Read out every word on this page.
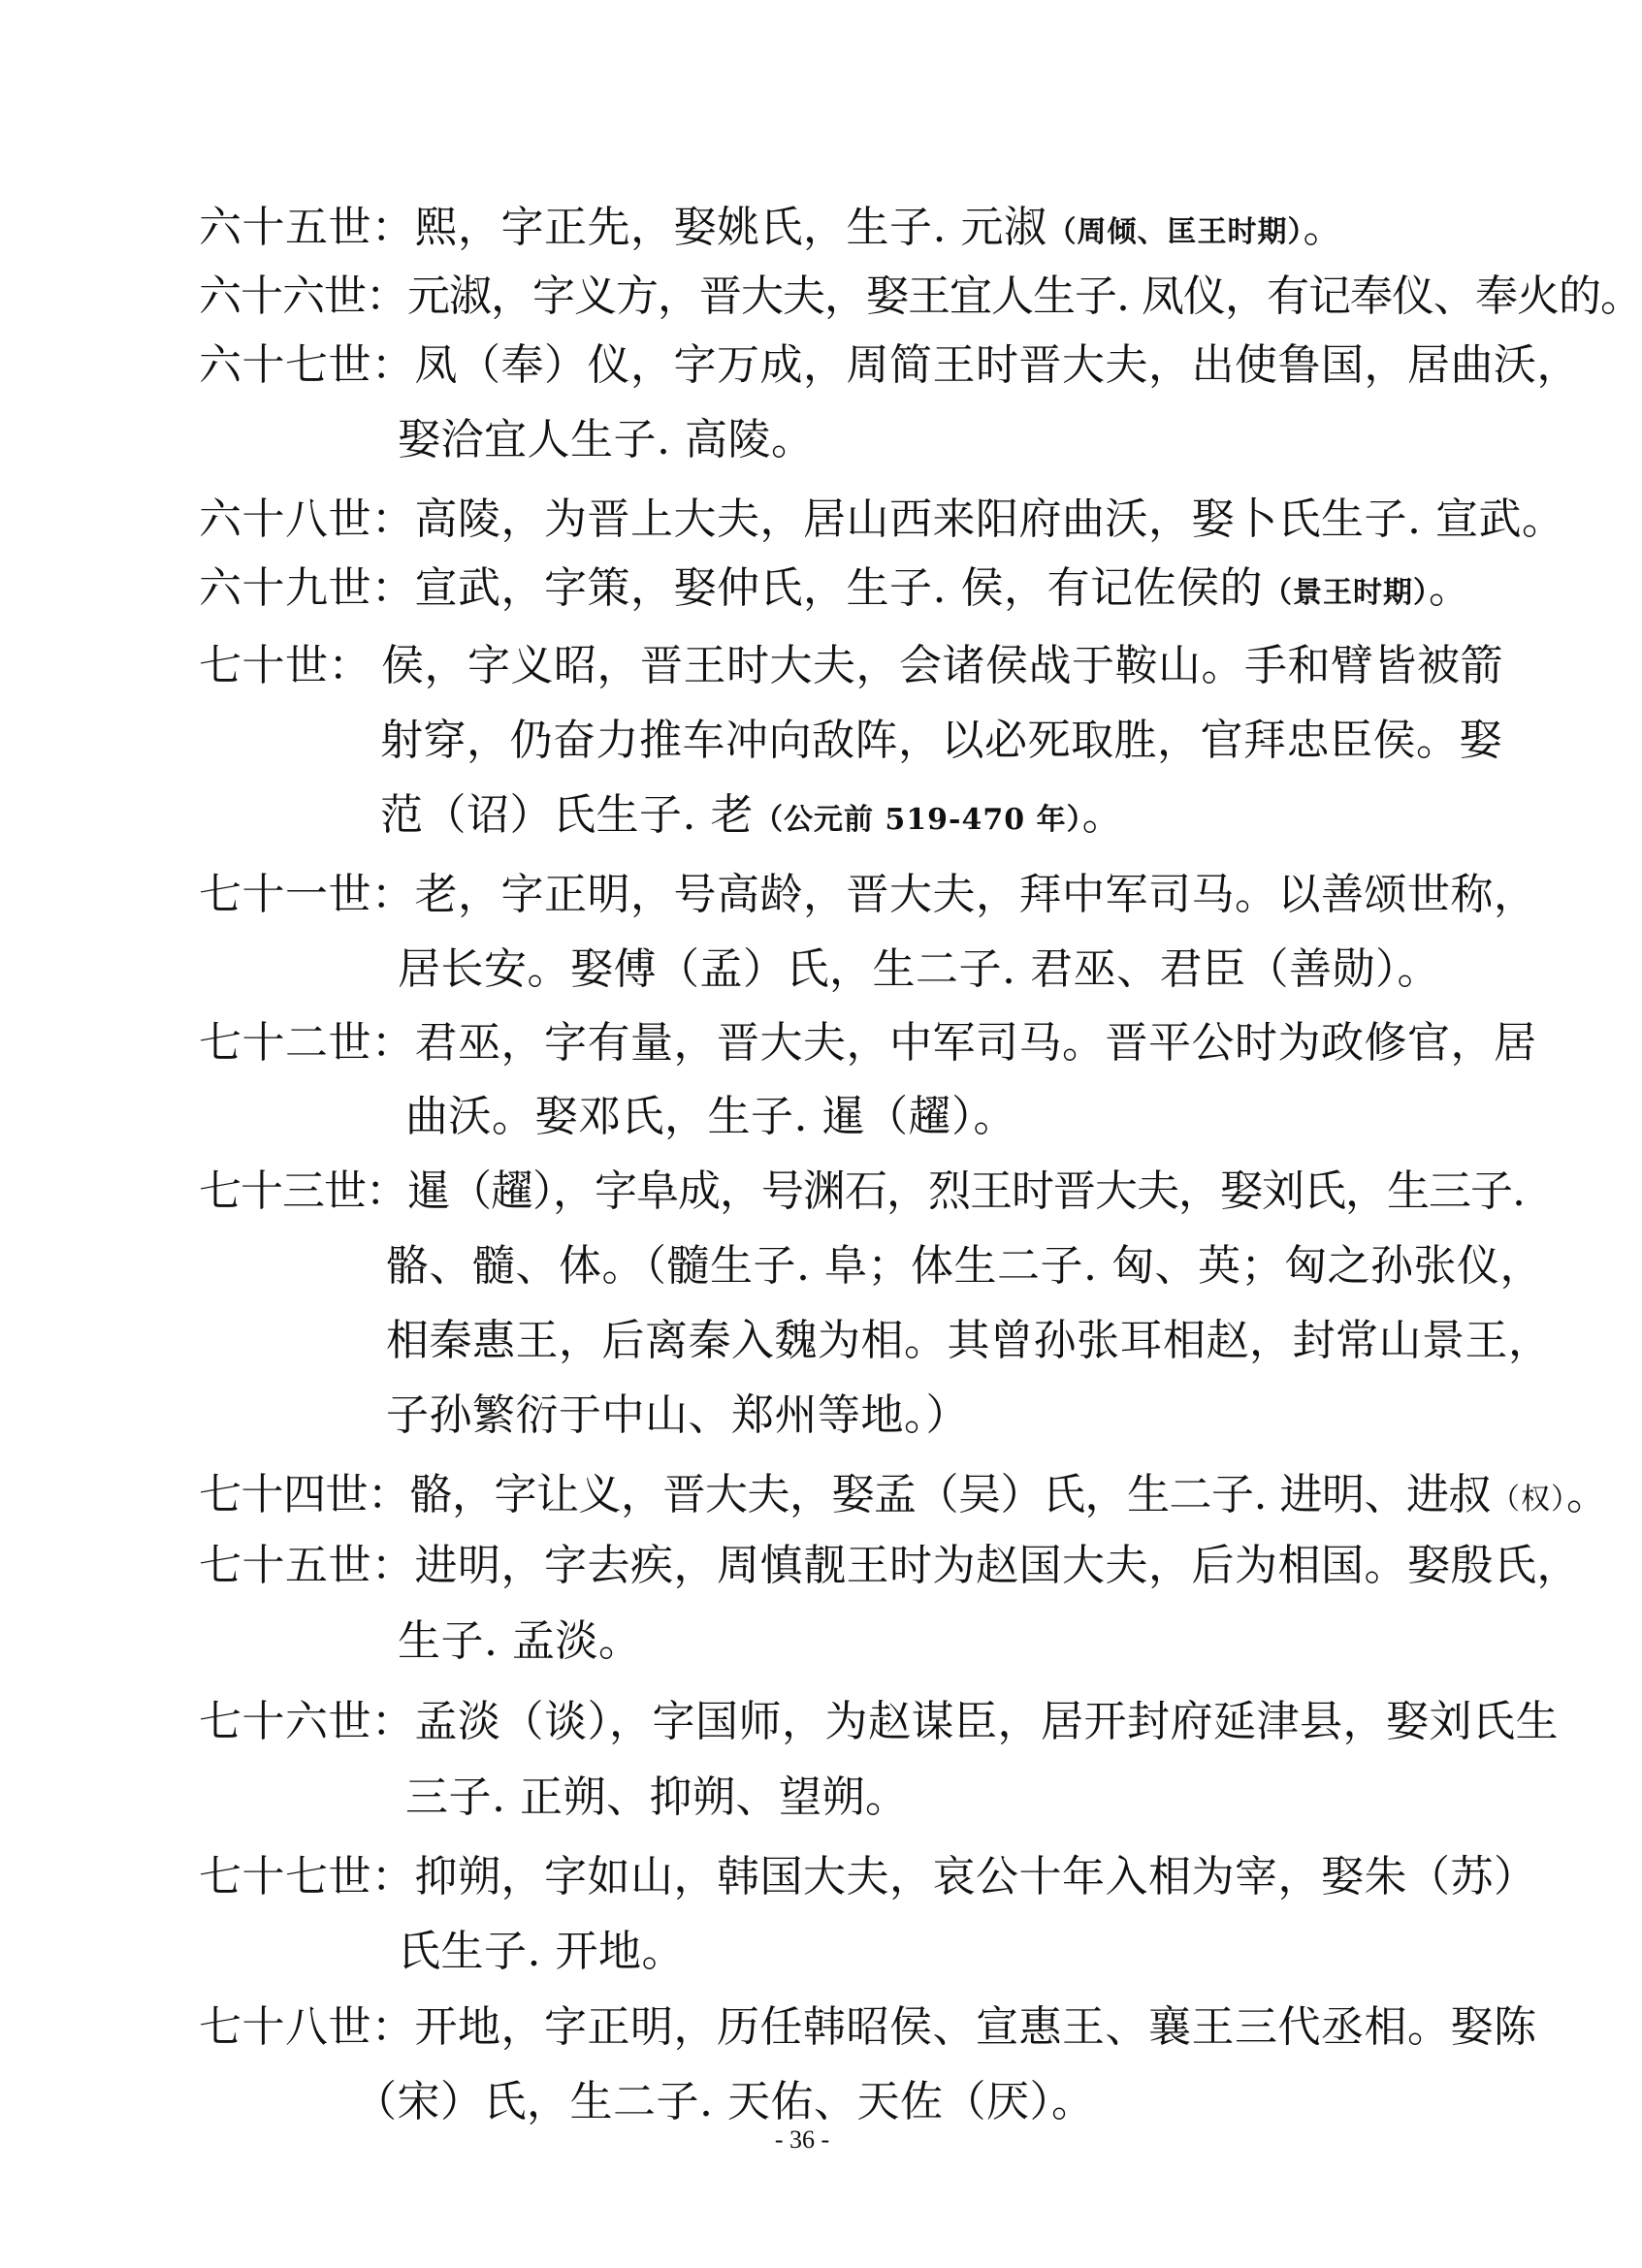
六十五世：熙，字正先，娶姚氏，生子. 元淑（周倾、匡王时期）。
六十六世：元淑，字义方，晋大夫，娶王宜人生子. 凤仪，有记奉仪、奉火的。
六十七世：凤（奉）仪，字万成，周简王时晋大夫，出使鲁国，居曲沃，
娶洽宜人生子. 高陵。
六十八世：高陵，为晋上大夫，居山西来阳府曲沃，娶卜氏生子. 宣武。
六十九世：宣武，字策，娶仲氏，生子. 侯，有记佐侯的（景王时期）。
七十世： 侯，字义昭，晋王时大夫，会诸侯战于鞍山。手和臂皆被箭
射穿，仍奋力推车冲向敌阵，以必死取胜，官拜忠臣侯。娶
范（诏）氏生子. 老（公元前 519-470 年）。
七十一世：老，字正明，号高龄，晋大夫，拜中军司马。以善颂世称，
居长安。娶傅（孟）氏，生二子. 君巫、君臣（善勋）。
七十二世：君巫，字有量，晋大夫，中军司马。晋平公时为政修官，居
曲沃。娶邓氏，生子. 暹（趯）。
七十三世：暹（趯），字阜成，号渊石，烈王时晋大夫，娶刘氏，生三子.
骼、髓、体。（髓生子. 阜；体生二子. 匈、英；匈之孙张仪，
相秦惠王，后离秦入魏为相。其曾孙张耳相赵，封常山景王，
子孙繁衍于中山、郑州等地。）
七十四世：骼，字让义，晋大夫，娶孟（吴）氏，生二子. 进明、进叔（权）。
七十五世：进明，字去疾，周慎靓王时为赵国大夫，后为相国。娶殷氏，
生子. 孟淡。
七十六世：孟淡（谈），字国师，为赵谋臣，居开封府延津县，娶刘氏生
三子. 正朔、抑朔、望朔。
七十七世：抑朔，字如山，韩国大夫，哀公十年入相为宰，娶朱（苏）
氏生子. 开地。
七十八世：开地，字正明，历任韩昭侯、宣惠王、襄王三代丞相。娶陈
（宋）氏，生二子. 天佑、天佐（厌）。
- 36 -
